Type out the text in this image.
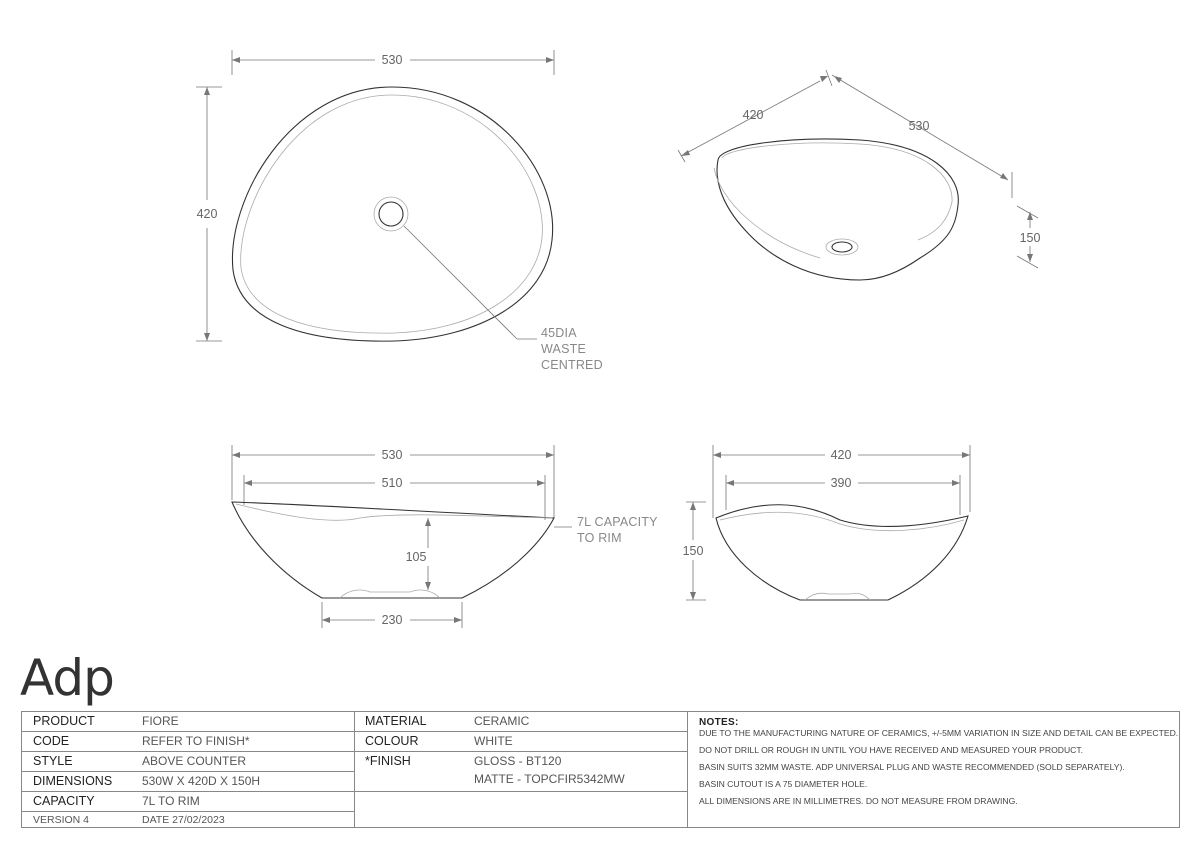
530
420
45DIA
WASTE
CENTRED
420
530
150
530
510
105
7L CAPACITY
TO RIM
230
420
390
150
Adp
PRODUCT	FIORE
CODE	REFER TO FINISH*
STYLE	ABOVE COUNTER
DIMENSIONS 530W X 420D X 150H
CAPACITY	7L TO RIM
VERSION 4	DATE 27/02/2023
MATERIAL	CERAMIC
COLOUR	WHITE
*FINISH	GLOSS - BT120
MATTE - TOPCFIR5342MW
NOTES:
DUE TO THE MANUFACTURING NATURE OF CERAMICS, +/-5MM VARIATION IN SIZE AND DETAIL CAN BE EXPECTED.
DO NOT DRILL OR ROUGH IN UNTIL YOU HAVE RECEIVED AND MEASURED YOUR PRODUCT.
BASIN SUITS 32MM WASTE. ADP UNIVERSAL PLUG AND WASTE RECOMMENDED (SOLD SEPARATELY).
BASIN CUTOUT IS A 75 DIAMETER HOLE.
ALL DIMENSIONS ARE IN MILLIMETRES. DO NOT MEASURE FROM DRAWING.
